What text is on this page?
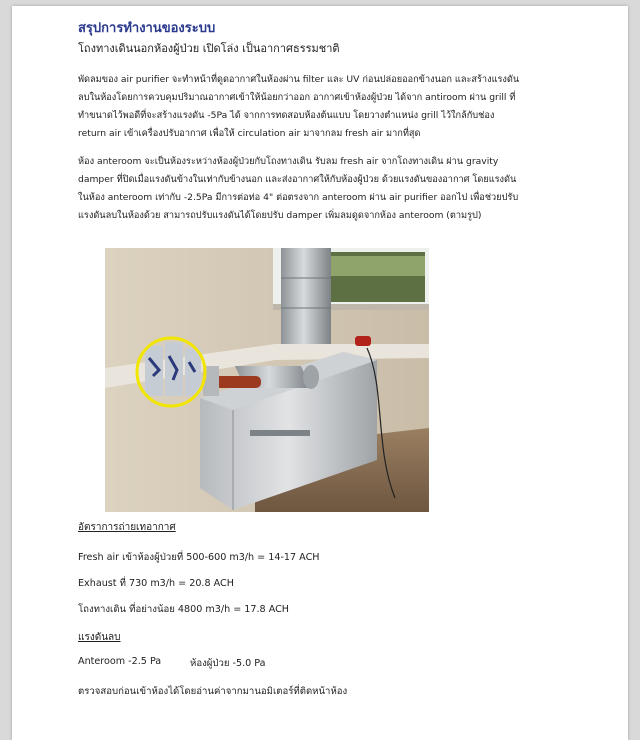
สรุปการทำงานของระบบ
โถงทางเดินนอกห้องผู้ป่วย เปิดโล่ง เป็นอากาศธรรมชาติ
พัดลมของ air purifier จะทำหน้าที่ดูดอากาศในห้องผ่าน filter และ UV ก่อนปล่อยออกข้างนอก และสร้างแรงดัน
ลบในห้องโดยการควบคุมปริมาณอากาศเข้าให้น้อยกว่าออก อากาศเข้าห้องผู้ป่วย ได้จาก antiroom ผ่าน grill ที่
ทำขนาดไว้พอดีที่จะสร้างแรงดัน -5Pa ได้ จากการทดสอบห้องต้นแบบ โดยวางตำแหน่ง grill ไว้ใกล้กับช่อง
return air เข้าเครื่องปรับอากาศ เพื่อให้ circulation air มาจากลม fresh air มากที่สุด
ห้อง anteroom จะเป็นห้องระหว่างห้องผู้ป่วยกับโถงทางเดิน รับลม fresh air จากโถงทางเดิน ผ่าน gravity
damper ที่ปิดเมื่อแรงดันข้างในเท่ากับข้างนอก และส่งอากาศให้กับห้องผู้ป่วย ด้วยแรงดันของอากาศ โดยแรงดัน
ในห้อง anteroom เท่ากับ -2.5Pa มีการต่อท่อ 4" ต่อตรงจาก anteroom ผ่าน air purifier ออกไป เพื่อช่วยปรับ
แรงดันลบในห้องด้วย สามารถปรับแรงดันได้โดยปรับ damper เพิ่มลมดูดจากห้อง anteroom (ตามรูป)
อัตราการถ่ายเทอากาศ
Fresh air เข้าห้องผู้ป่วยที่ 500-600 m3/h = 14-17 ACH
Exhaust ที่ 730 m3/h = 20.8 ACH
โถงทางเดิน ที่อย่างน้อย 4800 m3/h = 17.8 ACH
แรงดันลบ
Anteroom -2.5 Pa	ห้องผู้ป่วย -5.0 Pa
ตรวจสอบก่อนเข้าห้องได้โดยอ่านค่าจากมานอมิเตอร์ที่ติดหน้าห้อง
